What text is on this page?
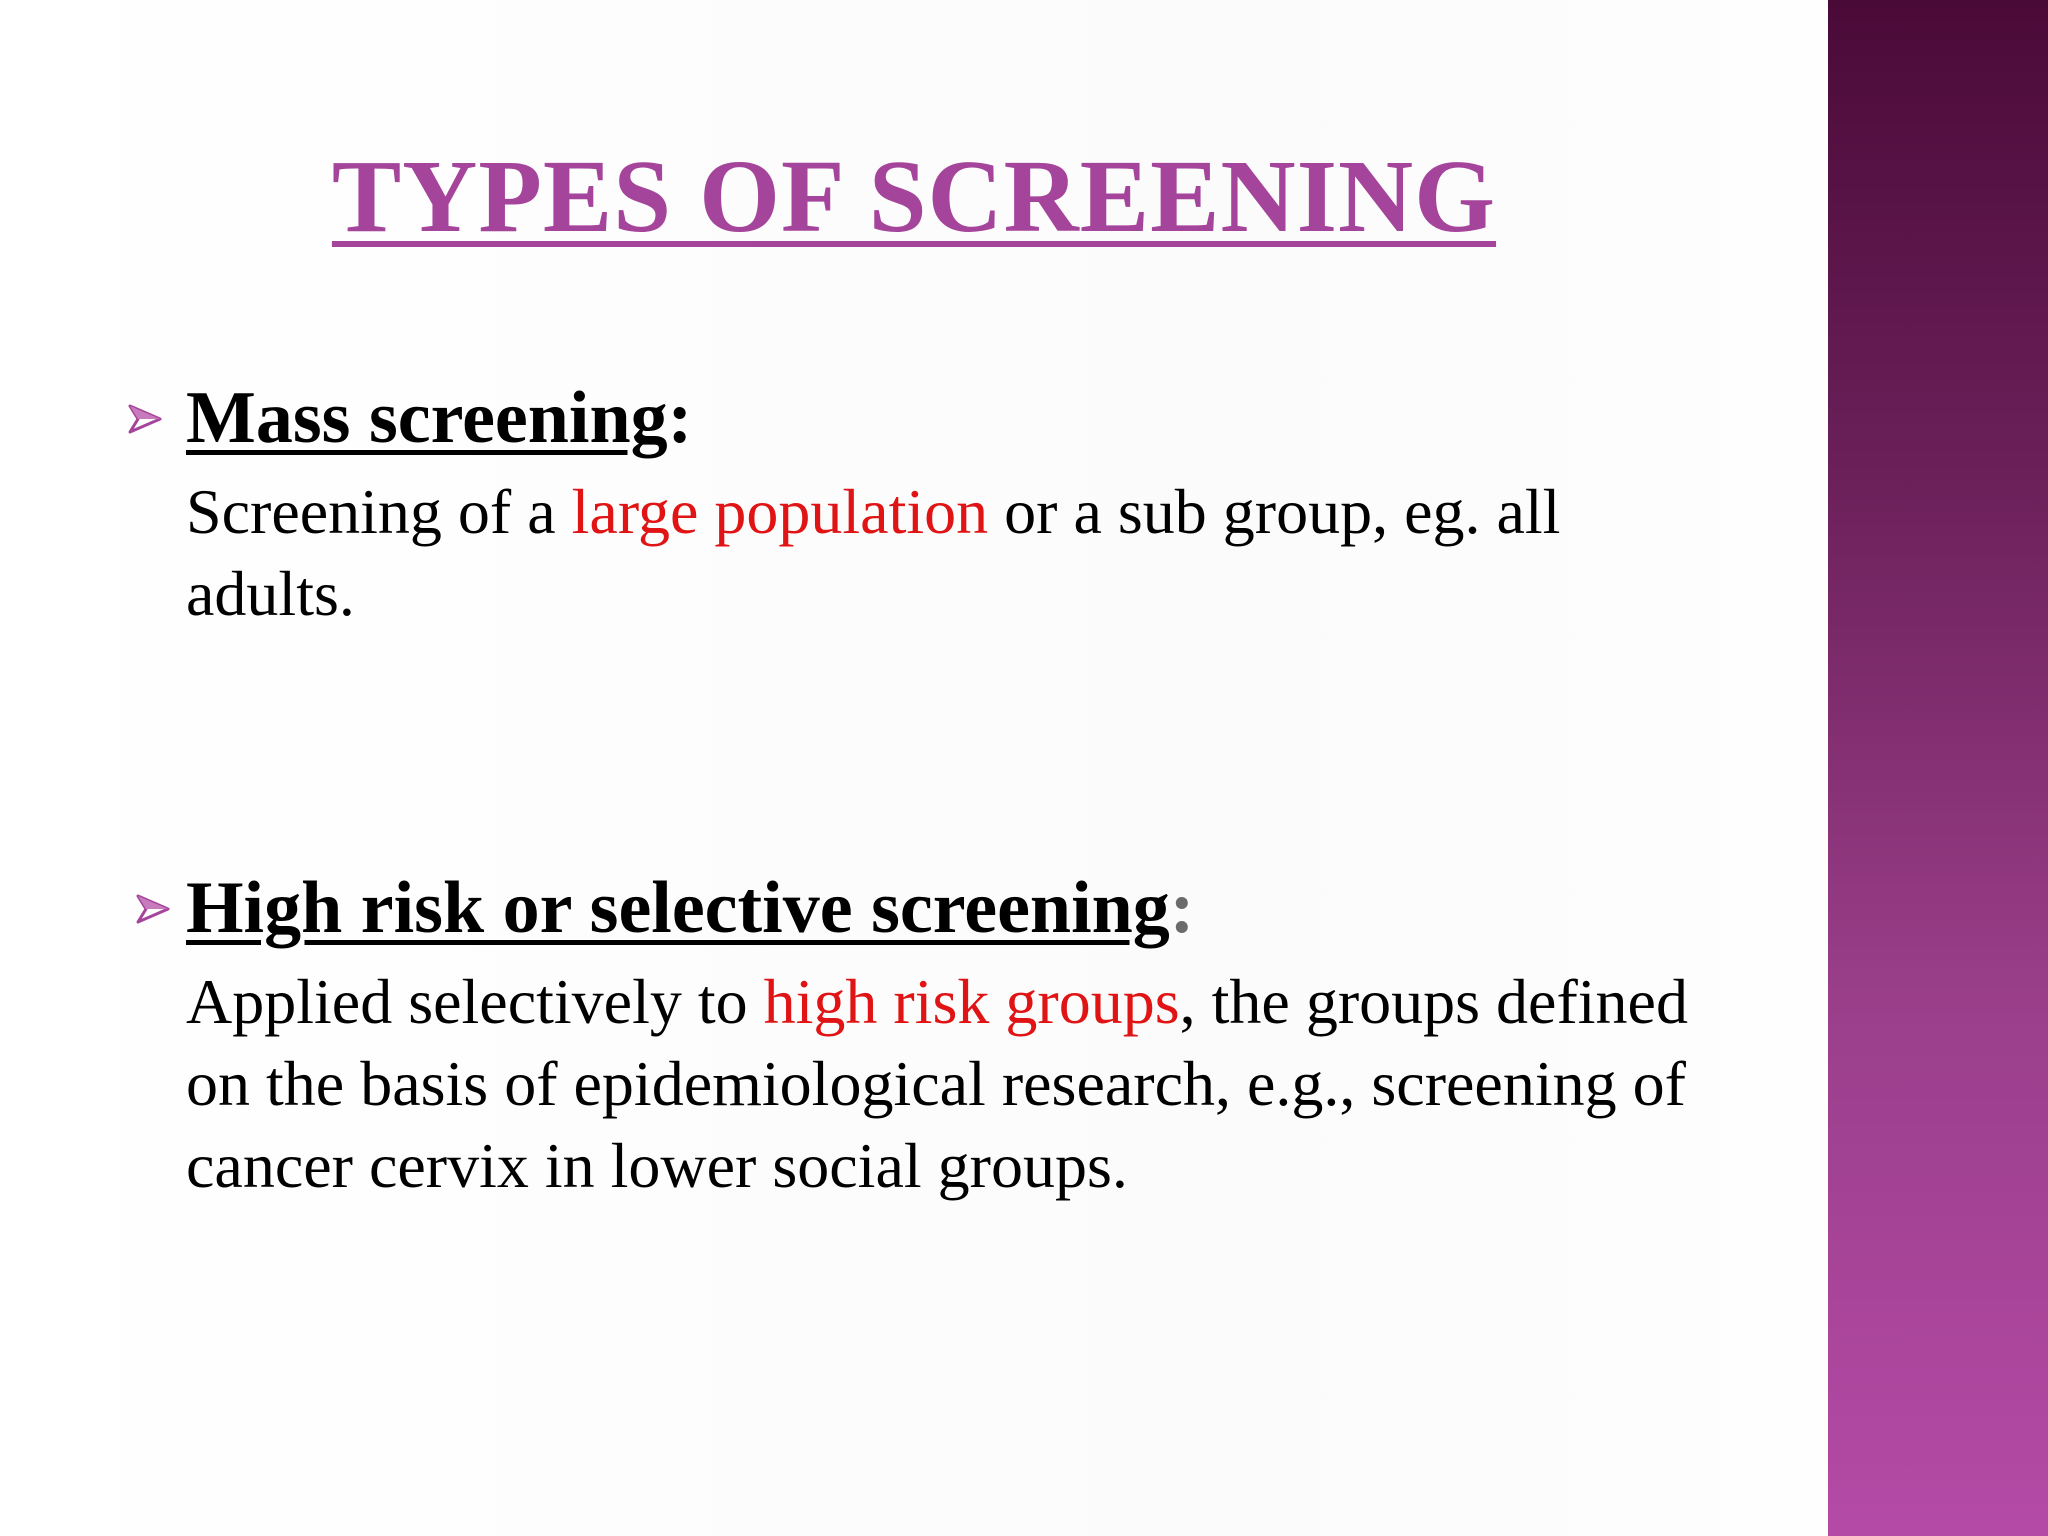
TYPES OF SCREENING
Mass screening:
Screening of a large population or a sub group, eg. all adults.
High risk or selective screening:
Applied selectively to high risk groups, the groups defined on the basis of epidemiological research, e.g., screening of cancer cervix in lower social groups.
